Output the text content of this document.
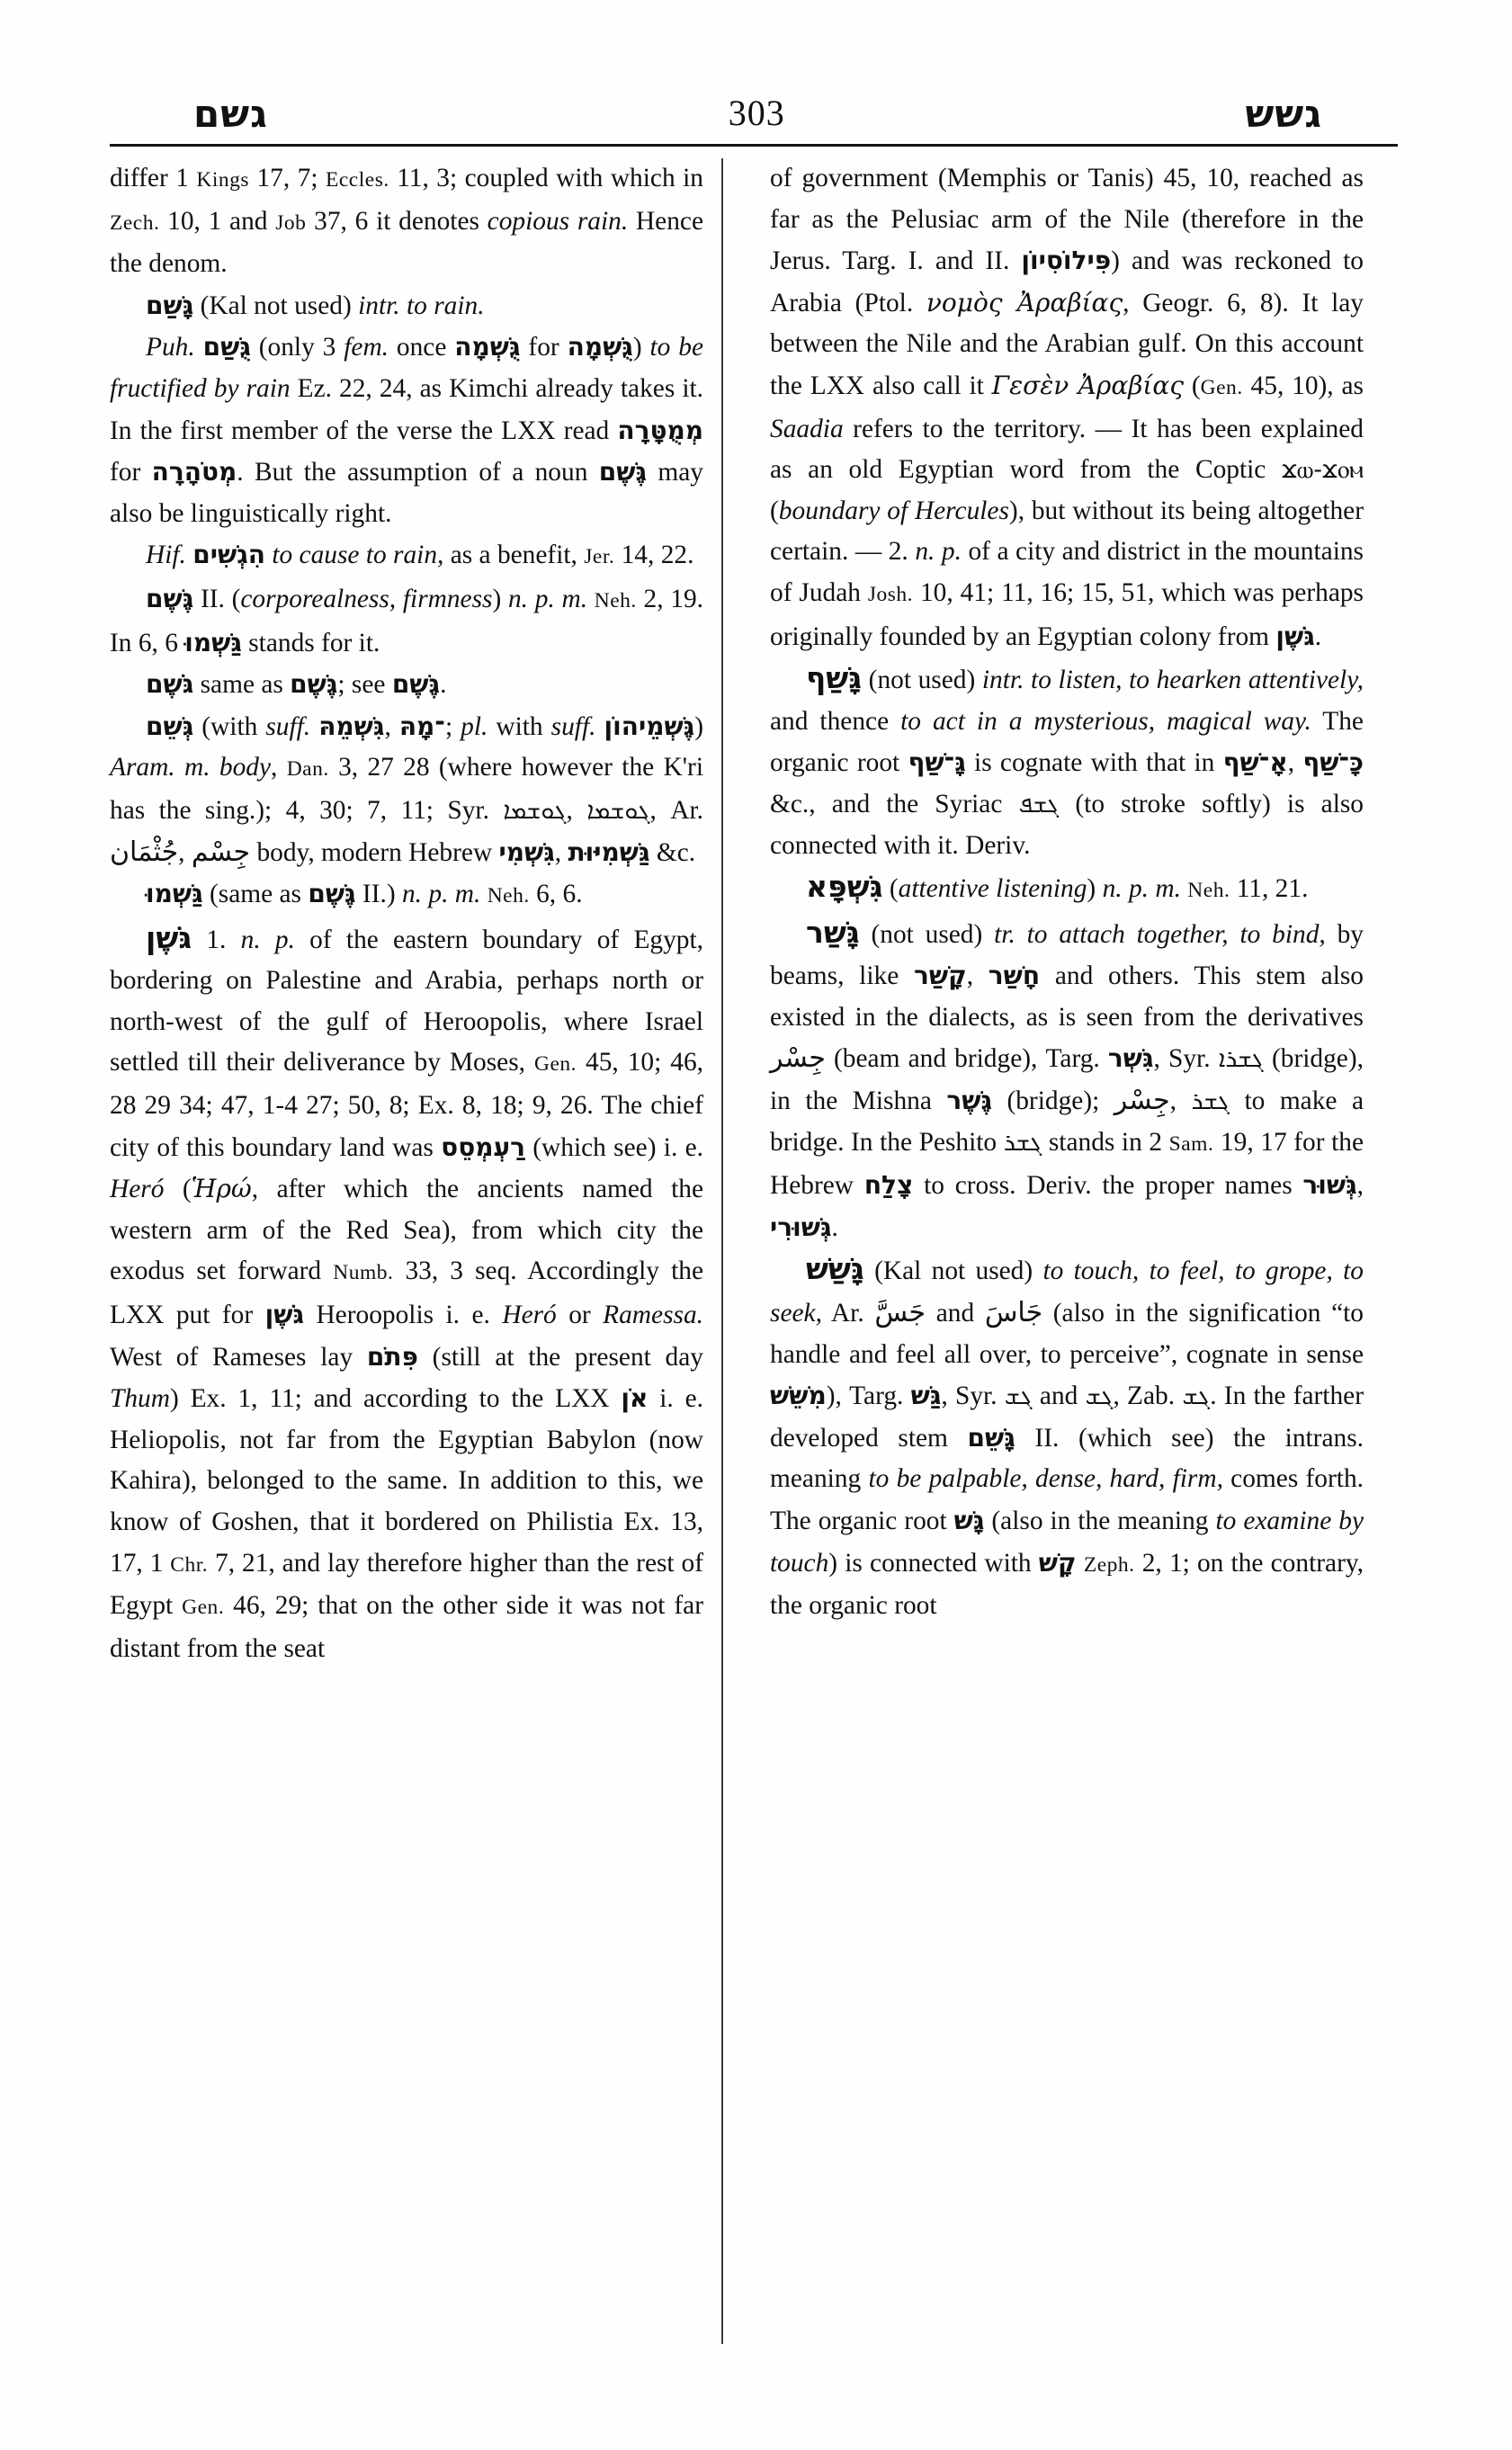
גשם	303	גשש

differ 1 Kings 17, 7; Eccles. 11, 3; coupled with which in Zech. 10, 1 and Job 37, 6 it denotes copious rain. Hence the denom.

גָּשַׁם (Kal not used) intr. to rain.

Puh. גֻּשַׁם (only 3 fem. once גֻּשְׁמָה for גֻּשְׁמָה) to be fructified by rain Ez. 22, 24, as Kimchi already takes it. In the first member of the verse the LXX read מְמֻטָּרָה for מְטֹהָרָה. But the assumption of a noun גֶּשֶׁם may also be linguistically right.

Hif. הִגְשִׁים to cause to rain, as a benefit, Jer. 14, 22.

גֶּשֶׁם II. (corporealness, firmness) n. p. m. Neh. 2, 19. In 6, 6 גַּשְׁמוּ stands for it.

גֹּשֶׁם same as גֶּשֶׁם; see גֶּשֶׁם.

גְּשֵׁם (with suff. גִּשְׁמֵהּ, ־מָהּ; pl. with suff. גֶּשְׁמֵיהוֹן) Aram. m. body, Dan. 3, 27 28 (where however the K'ri has the sing.); 4, 30; 7, 11; Syr. ܓܘܫܡܐ, ܓܘܫܡܐ, Ar. جُثْمَان, جِسْم body, modern Hebrew גִּשְׁמִי, גַּשְׁמִיּוּת &c.

גַּשְׁמוּ (same as גֶּשֶׁם II.) n. p. m. Neh. 6, 6.

גֹּשֶׁן 1. n. p. of the eastern boundary of Egypt, bordering on Palestine and Arabia, perhaps north or north-west of the gulf of Heroopolis, where Israel settled till their deliverance by Moses, Gen. 45, 10; 46, 28 29 34; 47, 1-4 27; 50, 8; Ex. 8, 18; 9, 26. The chief city of this boundary land was רַעְמְסֵס (which see) i. e. Heró (Ἡρώ, after which the ancients named the western arm of the Red Sea), from which city the exodus set forward Numb. 33, 3 seq. Accordingly the LXX put for גֹּשֶׁן Heroopolis i. e. Heró or Ramessa. West of Rameses lay פִּתֹם (still at the present day Thum) Ex. 1, 11; and according to the LXX אֹן i. e. Heliopolis, not far from the Egyptian Babylon (now Kahira), belonged to the same. In addition to this, we know of Goshen, that it bordered on Philistia Ex. 13, 17, 1 Chr. 7, 21, and lay therefore higher than the rest of Egypt Gen. 46, 29; that on the other side it was not far distant from the seat

of government (Memphis or Tanis) 45, 10, reached as far as the Pelusiac arm of the Nile (therefore in the Jerus. Targ. I. and II. פִּילוֹסִיוֹן) and was reckoned to Arabia (Ptol. νομὸς Ἀραβίας, Geogr. 6, 8). It lay between the Nile and the Arabian gulf. On this account the LXX also call it Γεσὲν Ἀραβίας (Gen. 45, 10), as Saadia refers to the territory. — It has been explained as an old Egyptian word from the Coptic ϫⲱ-ϫⲟⲙ (boundary of Hercules), but without its being altogether certain. — 2. n. p. of a city and district in the mountains of Judah Josh. 10, 41; 11, 16; 15, 51, which was perhaps originally founded by an Egyptian colony from גֹּשֶׁן.

גָּשַׁף (not used) intr. to listen, to hearken attentively, and thence to act in a mysterious, magical way. The organic root גָּ־שַׁף is cognate with that in אָ־שַׁף, כָּ־שַׁף &c., and the Syriac ܓܫܦ (to stroke softly) is also connected with it. Deriv.

גִּשְׁפָּא (attentive listening) n. p. m. Neh. 11, 21.

גָּשַׁר (not used) tr. to attach together, to bind, by beams, like קָשַׁר, חָשַׁר and others. This stem also existed in the dialects, as is seen from the derivatives جِسْر (beam and bridge), Targ. גִּשְׁר, Syr. ܓܫܪܐ (bridge), in the Mishna גֶּשֶׁר (bridge); جِسْر, ܓܫܪ to make a bridge. In the Peshito ܓܫܪ stands in 2 Sam. 19, 17 for the Hebrew צָלַח to cross. Deriv. the proper names גְּשׁוּר, גְּשׁוּרִי.

גָּשַׁשׁ (Kal not used) to touch, to feel, to grope, to seek, Ar. جَسَّ and جَاسَ (also in the signification “to handle and feel all over, to perceive”, cognate in sense מִשֵּׁשׁ), Targ. גַּשׁ, Syr. ܓܫ and ܓܫ, Zab. ܓܫ. In the farther developed stem גָּשֵׁם II. (which see) the intrans. meaning to be palpable, dense, hard, firm, comes forth. The organic root גָּשׁ (also in the meaning to examine by touch) is connected with קָשׁ Zeph. 2, 1; on the contrary, the organic root
